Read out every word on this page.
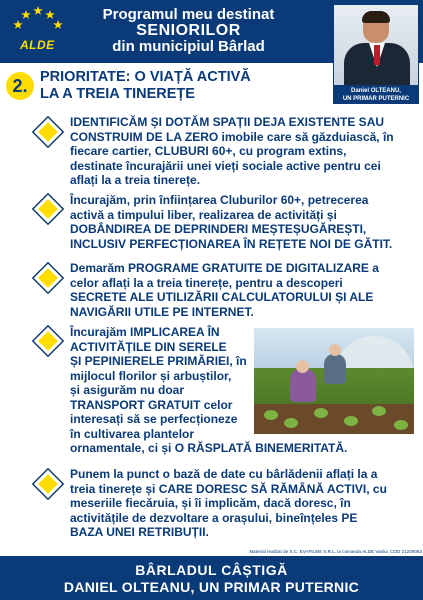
ALDE
Programul meu destinat
SENIORILOR
din municipiul Bârlad
Daniel OLTEANU,
UN PRIMAR PUTERNIC
2. PRIORITATE: O VIAȚĂ ACTIVĂ
LA A TREIA TINEREȚE
IDENTIFICĂM ȘI DOTĂM SPAȚII DEJA EXISTENTE SAU
CONSTRUIM DE LA ZERO imobile care să găzduiască, în
fiecare cartier, CLUBURI 60+, cu program extins,
destinate încurajării unei vieți sociale active pentru cei
aflați la a treia tinerețe.
Încurajăm, prin înființarea Cluburilor 60+, petrecerea
activă a timpului liber, realizarea de activități și
DOBÂNDIREA DE DEPRINDERI MEȘTEȘUGĂREȘTI,
INCLUSIV PERFECȚIONAREA ÎN REȚETE NOI DE GĂTIT.
Demarăm PROGRAME GRATUITE DE DIGITALIZARE a
celor aflați la a treia tinerețe, pentru a descoperi
SECRETE ALE UTILIZĂRII CALCULATORULUI ȘI ALE
NAVIGĂRII UTILE PE INTERNET.
Încurajăm IMPLICAREA ÎN
ACTIVITĂȚILE DIN SERELE
ȘI PEPINIERELE PRIMĂRIEI, în
mijlocul florilor și arbuștilor,
și asigurăm nu doar
TRANSPORT GRATUIT celor
interesați să se perfecționeze
în cultivarea plantelor
ornamentale, ci și O RĂSPLATĂ BINEMERITATĂ.
Punem la punct o bază de date cu bârlădenii aflați la a
treia tinerețe și CARE DORESC SĂ RĂMÂNĂ ACTIVI, cu
meseriile fiecăruia, și îi implicăm, dacă doresc, în
activitățile de dezvoltare a orașului, bineînțeles PE
BAZA UNEI RETRIBUȚII.
Material realizat de S.C. EVAFILMS S.R.L. la comanda ALDE Vaslui. COD 21200063
BÂRLADUL CÂȘTIGĂ
DANIEL OLTEANU, UN PRIMAR PUTERNIC
